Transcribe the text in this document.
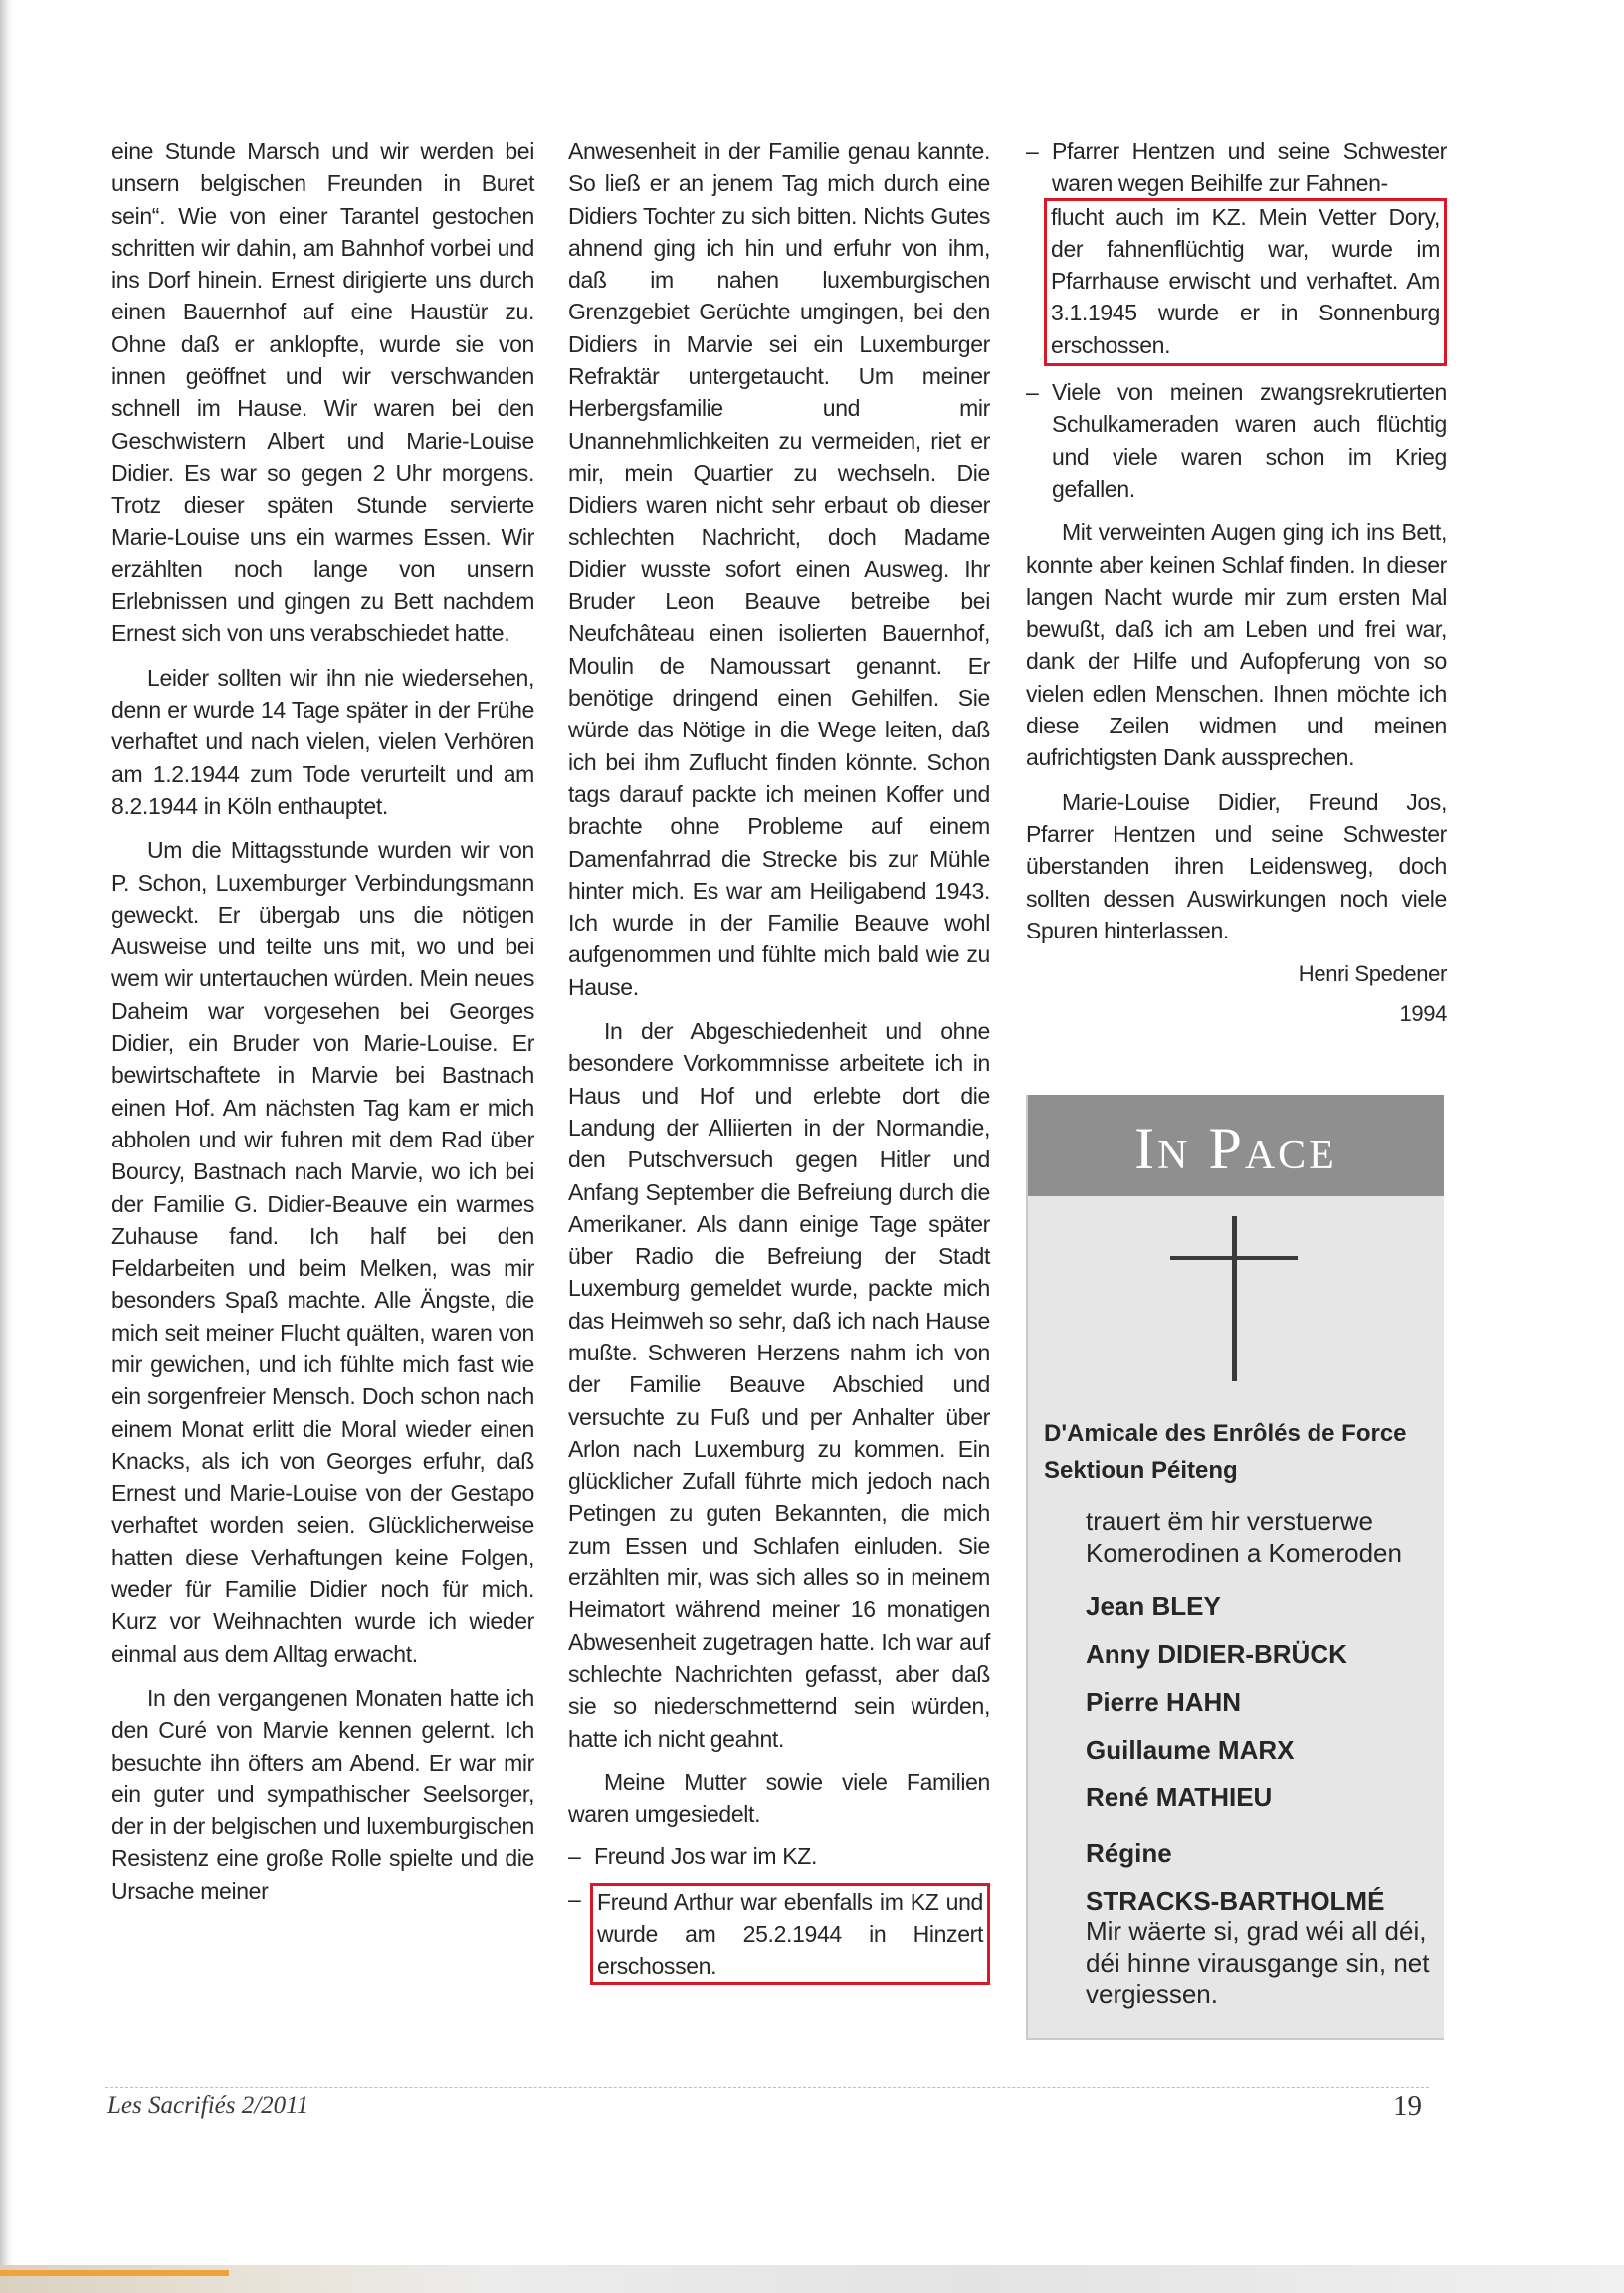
eine Stunde Marsch und wir werden bei unsern belgischen Freunden in Buret sein“. Wie von einer Tarantel gestochen schritten wir dahin, am Bahnhof vorbei und ins Dorf hinein. Ernest dirigierte uns durch einen Bauernhof auf eine Haustür zu. Ohne daß er anklopfte, wurde sie von innen geöffnet und wir verschwanden schnell im Hause. Wir waren bei den Geschwistern Albert und Marie-Louise Didier. Es war so gegen 2 Uhr morgens. Trotz dieser späten Stunde servierte Marie-Louise uns ein warmes Essen. Wir erzählten noch lange von unsern Erlebnissen und gingen zu Bett nachdem Ernest sich von uns verabschiedet hatte.

Leider sollten wir ihn nie wiedersehen, denn er wurde 14 Tage später in der Frühe verhaftet und nach vielen, vielen Verhören am 1.2.1944 zum Tode verurteilt und am 8.2.1944 in Köln enthauptet.

Um die Mittagsstunde wurden wir von P. Schon, Luxemburger Verbindungsmann geweckt. Er übergab uns die nötigen Ausweise und teilte uns mit, wo und bei wem wir untertauchen würden. Mein neues Daheim war vorgesehen bei Georges Didier, ein Bruder von Marie-Louise. Er bewirtschaftete in Marvie bei Bastnach einen Hof. Am nächsten Tag kam er mich abholen und wir fuhren mit dem Rad über Bourcy, Bastnach nach Marvie, wo ich bei der Familie G. Didier-Beauve ein warmes Zuhause fand. Ich half bei den Feldarbeiten und beim Melken, was mir besonders Spaß machte. Alle Ängste, die mich seit meiner Flucht quälten, waren von mir gewichen, und ich fühlte mich fast wie ein sorgenfreier Mensch. Doch schon nach einem Monat erlitt die Moral wieder einen Knacks, als ich von Georges erfuhr, daß Ernest und Marie-Louise von der Gestapo verhaftet worden seien. Glücklicherweise hatten diese Verhaftungen keine Folgen, weder für Familie Didier noch für mich. Kurz vor Weihnachten wurde ich wieder einmal aus dem Alltag erwacht.

In den vergangenen Monaten hatte ich den Curé von Marvie kennen gelernt. Ich besuchte ihn öfters am Abend. Er war mir ein guter und sympathischer Seelsorger, der in der belgischen und luxemburgischen Resistenz eine große Rolle spielte und die Ursache meiner

Anwesenheit in der Familie genau kannte. So ließ er an jenem Tag mich durch eine Didiers Tochter zu sich bitten. Nichts Gutes ahnend ging ich hin und erfuhr von ihm, daß im nahen luxemburgischen Grenzgebiet Gerüchte umgingen, bei den Didiers in Marvie sei ein Luxemburger Refraktär untergetaucht. Um meiner Herbergsfamilie und mir Unannehmlichkeiten zu vermeiden, riet er mir, mein Quartier zu wechseln. Die Didiers waren nicht sehr erbaut ob dieser schlechten Nachricht, doch Madame Didier wusste sofort einen Ausweg. Ihr Bruder Leon Beauve betreibe bei Neufchâteau einen isolierten Bauernhof, Moulin de Namoussart genannt. Er benötige dringend einen Gehilfen. Sie würde das Nötige in die Wege leiten, daß ich bei ihm Zuflucht finden könnte. Schon tags darauf packte ich meinen Koffer und brachte ohne Probleme auf einem Damenfahrrad die Strecke bis zur Mühle hinter mich. Es war am Heiligabend 1943. Ich wurde in der Familie Beauve wohl aufgenommen und fühlte mich bald wie zu Hause.

In der Abgeschiedenheit und ohne besondere Vorkommnisse arbeitete ich in Haus und Hof und erlebte dort die Landung der Alliierten in der Normandie, den Putschversuch gegen Hitler und Anfang September die Befreiung durch die Amerikaner. Als dann einige Tage später über Radio die Befreiung der Stadt Luxemburg gemeldet wurde, packte mich das Heimweh so sehr, daß ich nach Hause mußte. Schweren Herzens nahm ich von der Familie Beauve Abschied und versuchte zu Fuß und per Anhalter über Arlon nach Luxemburg zu kommen. Ein glücklicher Zufall führte mich jedoch nach Petingen zu guten Bekannten, die mich zum Essen und Schlafen einluden. Sie erzählten mir, was sich alles so in meinem Heimatort während meiner 16 monatigen Abwesenheit zugetragen hatte. Ich war auf schlechte Nachrichten gefasst, aber daß sie so niederschmetternd sein würden, hatte ich nicht geahnt.

Meine Mutter sowie viele Familien waren umgesiedelt.

– Freund Jos war im KZ.
– Freund Arthur war ebenfalls im KZ und wurde am 25.2.1944 in Hinzert erschossen.
– Pfarrer Hentzen und seine Schwester waren wegen Beihilfe zur Fahnen-
flucht auch im KZ. Mein Vetter Dory, der fahnenflüchtig war, wurde im Pfarrhause erwischt und verhaftet. Am 3.1.1945 wurde er in Sonnenburg erschossen.
– Viele von meinen zwangsrekrutierten Schulkameraden waren auch flüchtig und viele waren schon im Krieg gefallen.

Mit verweinten Augen ging ich ins Bett, konnte aber keinen Schlaf finden. In dieser langen Nacht wurde mir zum ersten Mal bewußt, daß ich am Leben und frei war, dank der Hilfe und Aufopferung von so vielen edlen Menschen. Ihnen möchte ich diese Zeilen widmen und meinen aufrichtigsten Dank aussprechen.

Marie-Louise Didier, Freund Jos, Pfarrer Hentzen und seine Schwester überstanden ihren Leidensweg, doch sollten dessen Auswirkungen noch viele Spuren hinterlassen.

Henri Spedener
1994
In Pace
D'Amicale des Enrôlés de Force
Sektioun Péiteng
trauert ëm hir verstuerwe Komerodinen a Komeroden
Jean BLEY
Anny DIDIER-BRÜCK
Pierre HAHN
Guillaume MARX
René MATHIEU
Régine
STRACKS-BARTHOLMÉ
Mir wäerte si, grad wéi all déi, déi hinne virausgange sin, net vergiessen.
Les Sacrifiés 2/2011	19
